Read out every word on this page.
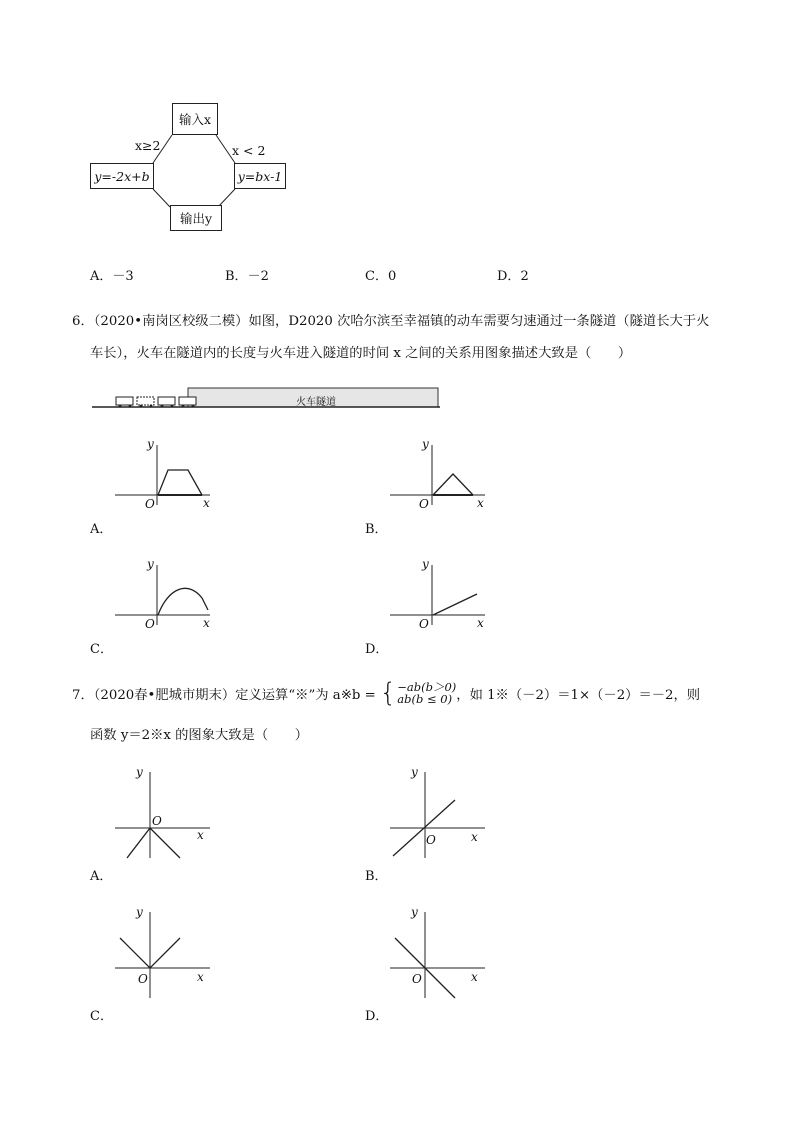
输入x
y=-2x+b	y=bx-1
输出y
x≥2	x < 2
A．－3	B．－2	C．0	D．2
6．（2020•南岗区校级二模）如图，D2020 次哈尔滨至幸福镇的动车需要匀速通过一条隧道（隧道长大于火
车长），火车在隧道内的长度与火车进入隧道的时间 x 之间的关系用图象描述大致是（　　）
火车隧道
y
O	x
A．
y
O	x
B．
y
O	x
C．
y
O	x
D．
7．（2020春•肥城市期末）定义运算“※”为 a※b = { −ab(b＞0)
ab(b ≤ 0) ，如 1※（－2）＝1×（－2）＝－2，则
函数 y＝2※x 的图象大致是（　　）
y
O
x
A．
y
O	x
B．
y
O	x
C．
y
O	x
D．
